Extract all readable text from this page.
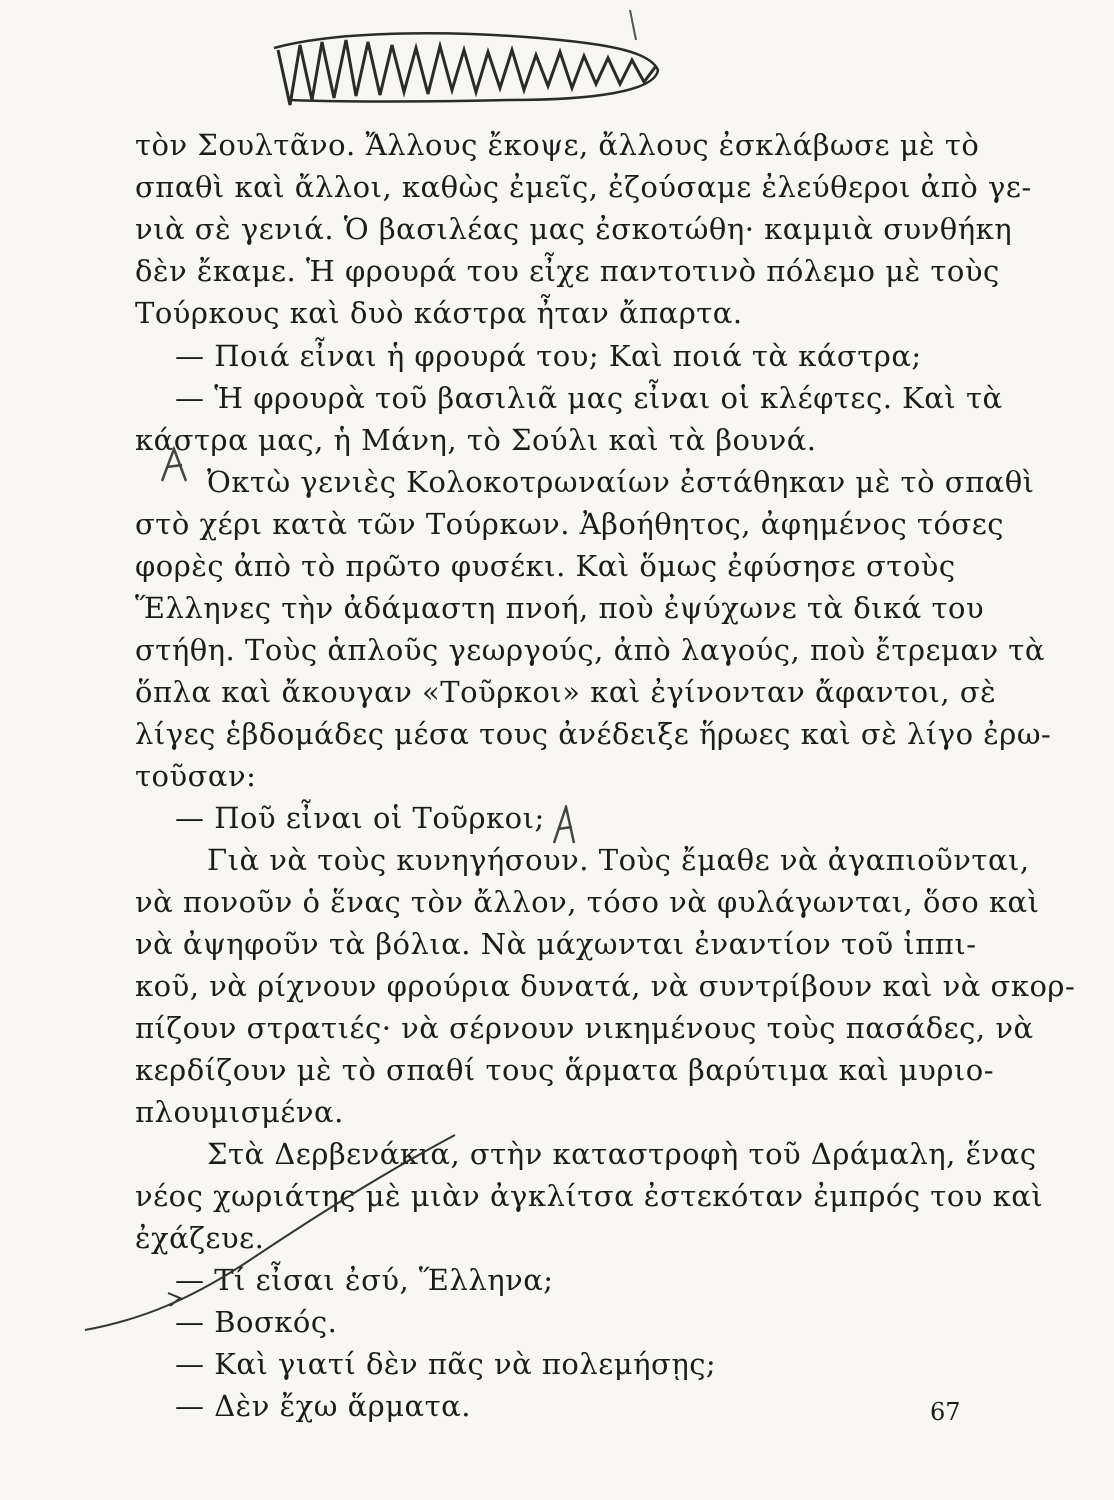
τὸν Σουλτᾶνο. Ἄλλους ἔκοψε, ἄλλους ἐσκλάβωσε μὲ τὸ
σπαθὶ καὶ ἄλλοι, καθὼς ἐμεῖς, ἐζούσαμε ἐλεύθεροι ἀπὸ γε-
νιὰ σὲ γενιά. Ὁ βασιλέας μας ἐσκοτώθη· καμμιὰ συνθήκη
δὲν ἔκαμε. Ἡ φρουρά του εἶχε παντοτινὸ πόλεμο μὲ τοὺς
Τούρκους καὶ δυὸ κάστρα ἦταν ἄπαρτα.
— Ποιά εἶναι ἡ φρουρά του; Καὶ ποιά τὰ κάστρα;
— Ἡ φρουρὰ τοῦ βασιλιᾶ μας εἶναι οἱ κλέφτες. Καὶ τὰ
κάστρα μας, ἡ Μάνη, τὸ Σούλι καὶ τὰ βουνά.
Ὀκτὼ γενιὲς Κολοκοτρωναίων ἐστάθηκαν μὲ τὸ σπαθὶ
στὸ χέρι κατὰ τῶν Τούρκων. Ἀβοήθητος, ἀφημένος τόσες
φορὲς ἀπὸ τὸ πρῶτο φυσέκι. Καὶ ὅμως ἐφύσησε στοὺς
Ἕλληνες τὴν ἀδάμαστη πνοή, ποὺ ἐψύχωνε τὰ δικά του
στήθη. Τοὺς ἁπλοῦς γεωργούς, ἀπὸ λαγούς, ποὺ ἔτρεμαν τὰ
ὅπλα καὶ ἄκουγαν «Τοῦρκοι» καὶ ἐγίνονταν ἄφαντοι, σὲ
λίγες ἑβδομάδες μέσα τους ἀνέδειξε ἥρωες καὶ σὲ λίγο ἐρω-
τοῦσαν:
— Ποῦ εἶναι οἱ Τοῦρκοι;
Γιὰ νὰ τοὺς κυνηγήσουν. Τοὺς ἔμαθε νὰ ἀγαπιοῦνται,
νὰ πονοῦν ὁ ἕνας τὸν ἄλλον, τόσο νὰ φυλάγωνται, ὅσο καὶ
νὰ ἀψηφοῦν τὰ βόλια. Νὰ μάχωνται ἐναντίον τοῦ ἱππι-
κοῦ, νὰ ρίχνουν φρούρια δυνατά, νὰ συντρίβουν καὶ νὰ σκορ-
πίζουν στρατιές· νὰ σέρνουν νικημένους τοὺς πασάδες, νὰ
κερδίζουν μὲ τὸ σπαθί τους ἅρματα βαρύτιμα καὶ μυριο-
πλουμισμένα.
Στὰ Δερβενάκια, στὴν καταστροφὴ τοῦ Δράμαλη, ἕνας
νέος χωριάτης μὲ μιὰν ἀγκλίτσα ἐστεκόταν ἐμπρός του καὶ
ἐχάζευε.
— Τί εἶσαι ἐσύ, Ἕλληνα;
— Βοσκός.
— Καὶ γιατί δὲν πᾶς νὰ πολεμήσῃς;
— Δὲν ἔχω ἅρματα.	67
